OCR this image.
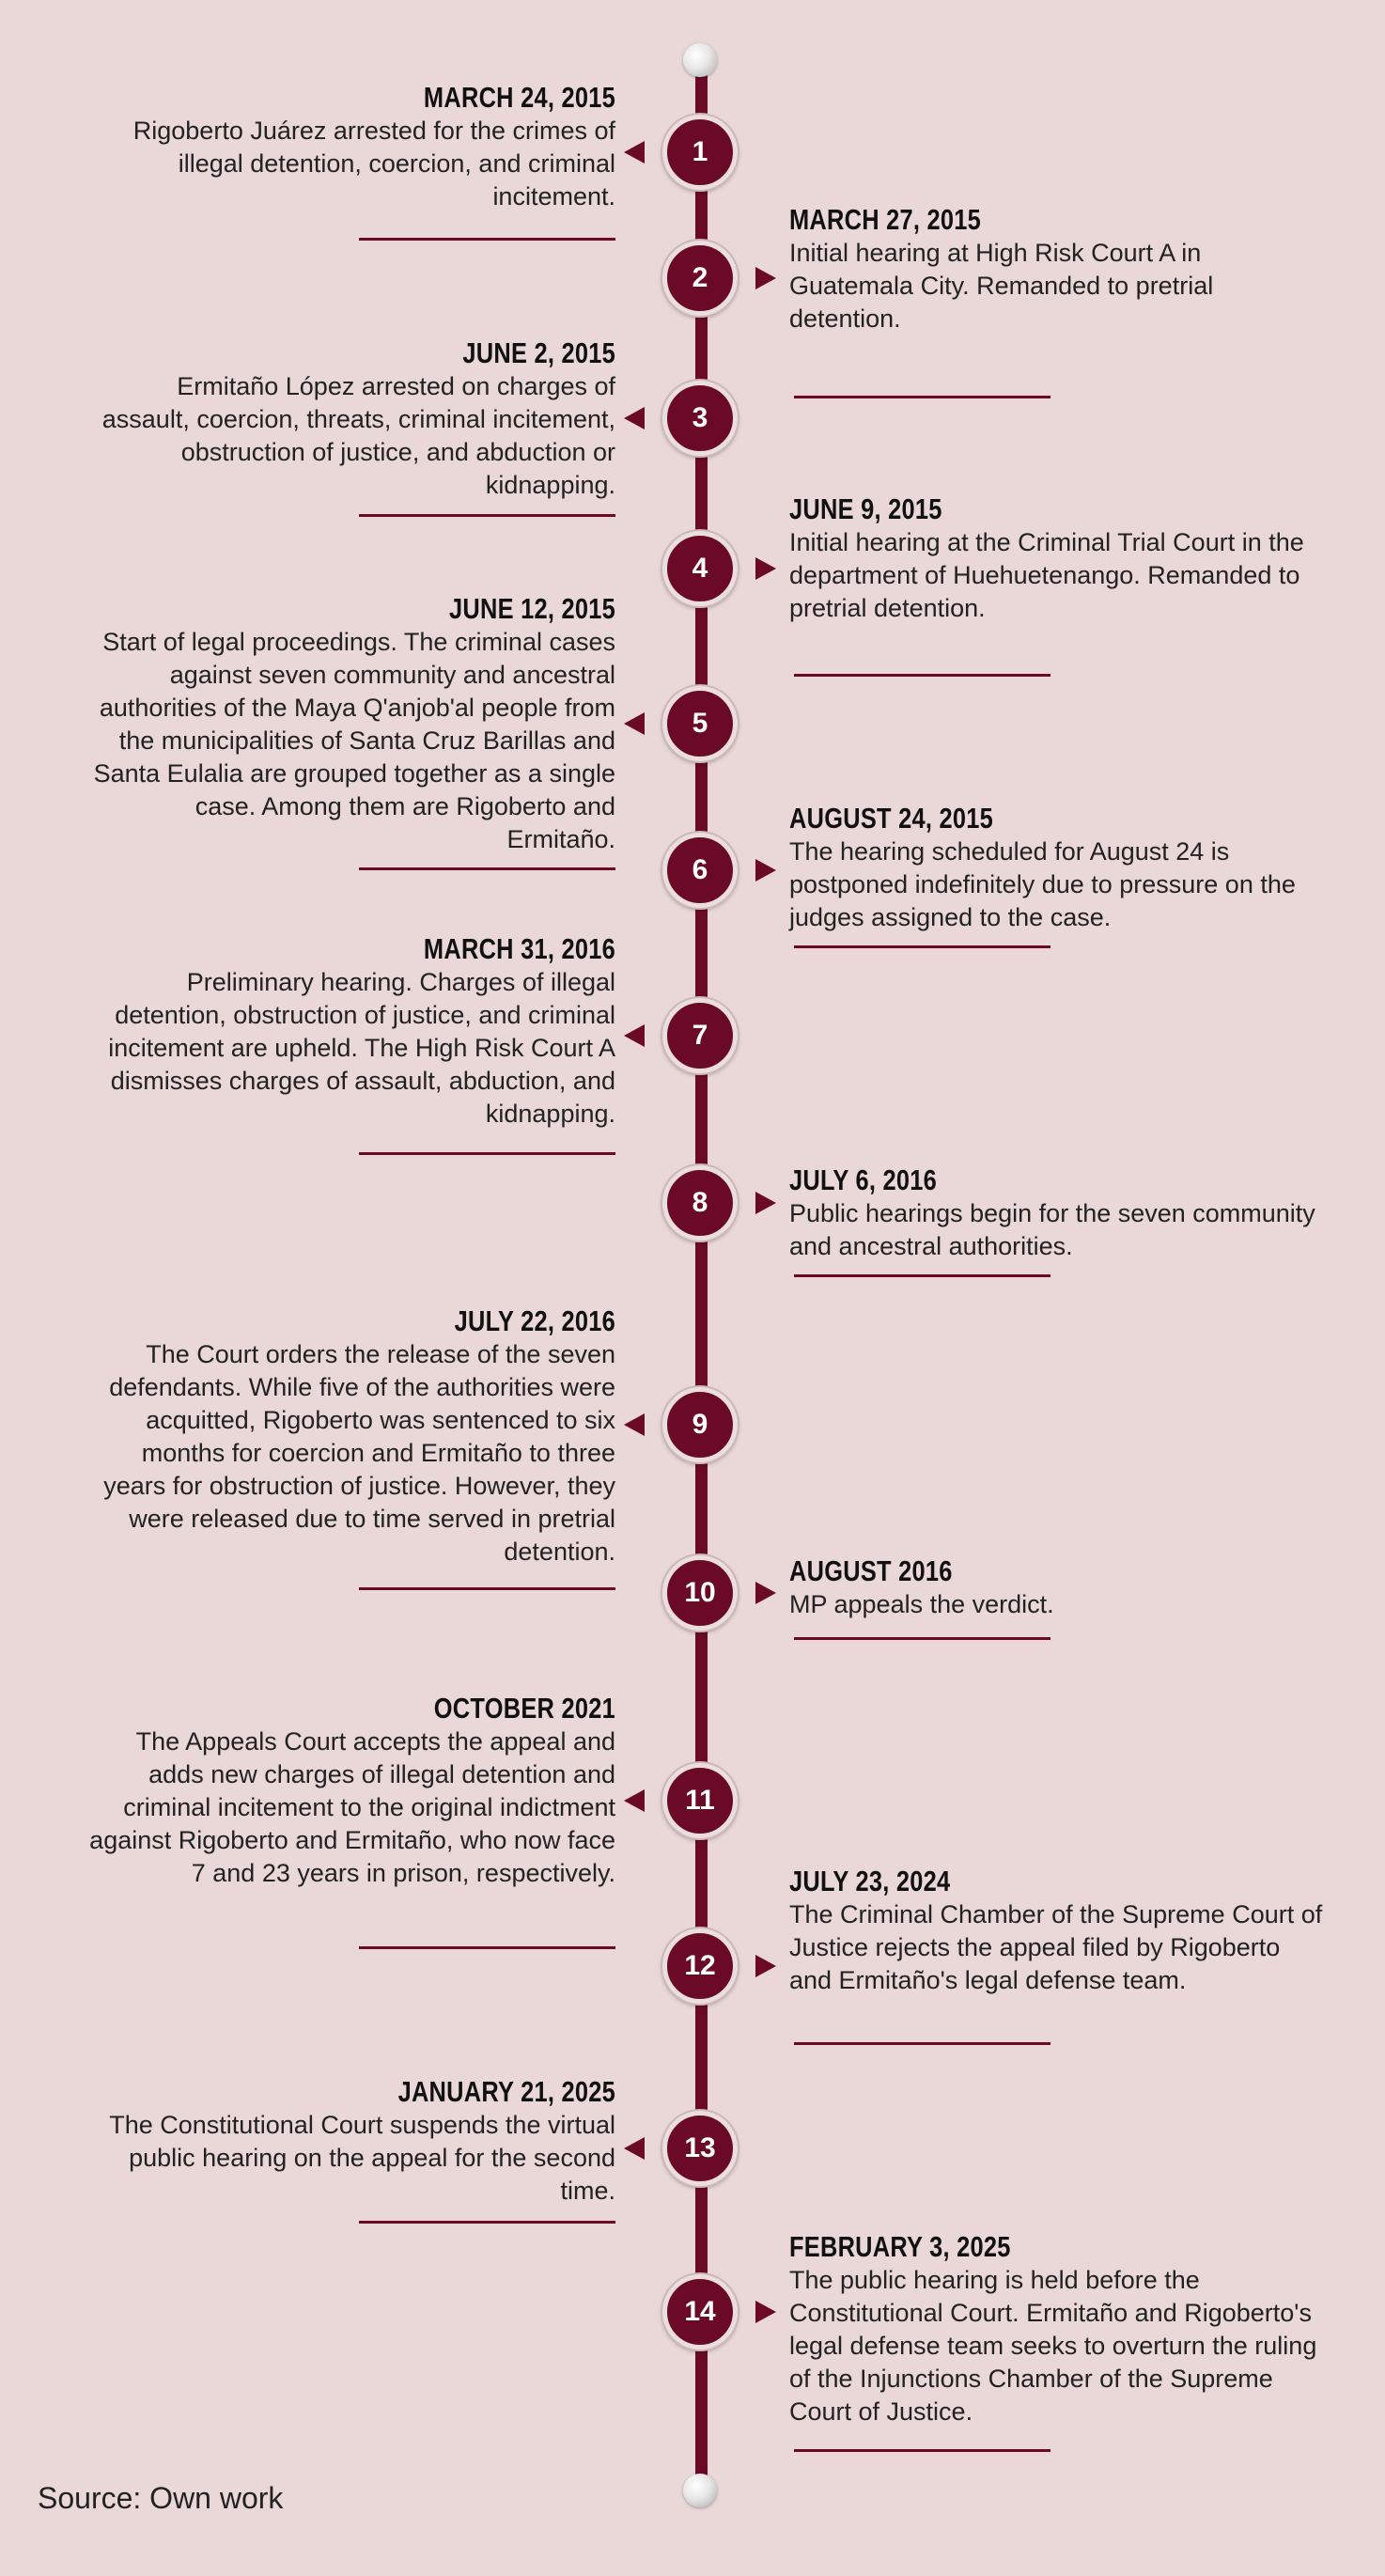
1
MARCH 24, 2015
Rigoberto Juárez arrested for the crimes of illegal detention, coercion, and criminal incitement.
2
MARCH 27, 2015
Initial hearing at High Risk Court A in Guatemala City. Remanded to pretrial detention.
3
JUNE 2, 2015
Ermitaño López arrested on charges of assault, coercion, threats, criminal incitement, obstruction of justice, and abduction or kidnapping.
4
JUNE 9, 2015
Initial hearing at the Criminal Trial Court in the department of Huehuetenango. Remanded to pretrial detention.
5
JUNE 12, 2015
Start of legal proceedings. The criminal cases against seven community and ancestral authorities of the Maya Q'anjob'al people from the municipalities of Santa Cruz Barillas and Santa Eulalia are grouped together as a single case. Among them are Rigoberto and Ermitaño.
6
AUGUST 24, 2015
The hearing scheduled for August 24 is postponed indefinitely due to pressure on the judges assigned to the case.
7
MARCH 31, 2016
Preliminary hearing. Charges of illegal detention, obstruction of justice, and criminal incitement are upheld. The High Risk Court A dismisses charges of assault, abduction, and kidnapping.
8
JULY 6, 2016
Public hearings begin for the seven community and ancestral authorities.
9
JULY 22, 2016
The Court orders the release of the seven defendants. While five of the authorities were acquitted, Rigoberto was sentenced to six months for coercion and Ermitaño to three years for obstruction of justice. However, they were released due to time served in pretrial detention.
10
AUGUST 2016
MP appeals the verdict.
11
OCTOBER 2021
The Appeals Court accepts the appeal and adds new charges of illegal detention and criminal incitement to the original indictment against Rigoberto and Ermitaño, who now face 7 and 23 years in prison, respectively.
12
JULY 23, 2024
The Criminal Chamber of the Supreme Court of Justice rejects the appeal filed by Rigoberto and Ermitaño's legal defense team.
13
JANUARY 21, 2025
The Constitutional Court suspends the virtual public hearing on the appeal for the second time.
14
FEBRUARY 3, 2025
The public hearing is held before the Constitutional Court. Ermitaño and Rigoberto's legal defense team seeks to overturn the ruling of the Injunctions Chamber of the Supreme Court of Justice.
Source: Own work
